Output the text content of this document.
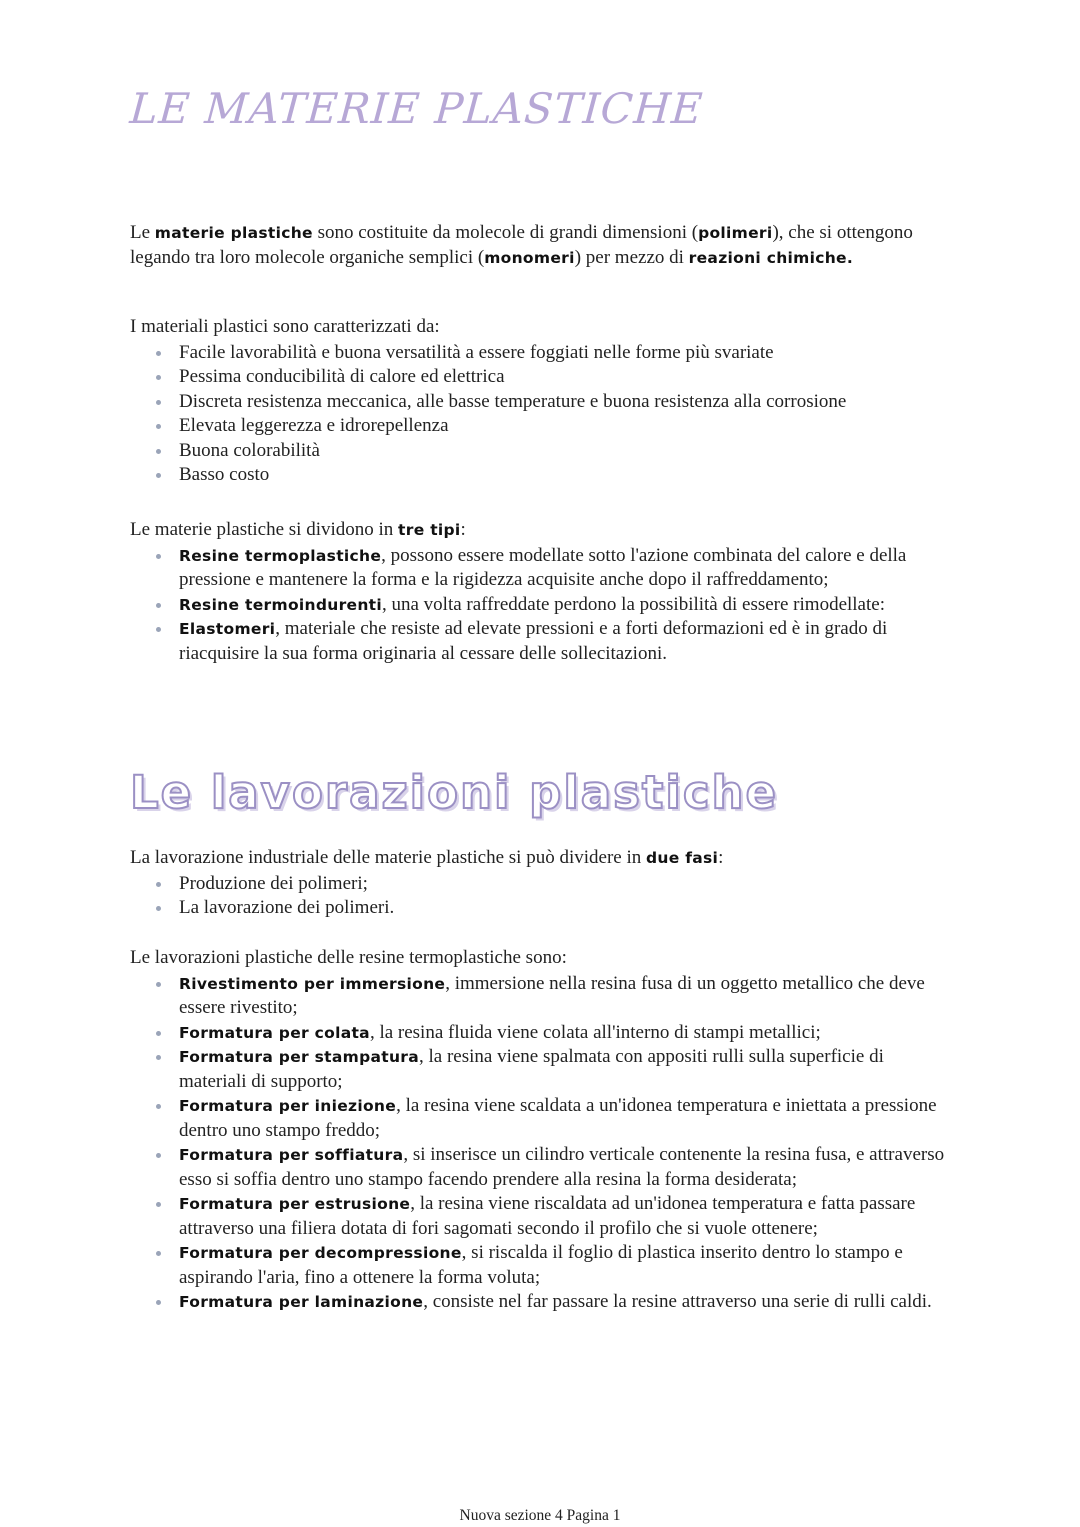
LE MATERIE PLASTICHE

Le materie plastiche sono costituite da molecole di grandi dimensioni (polimeri), che si ottengono legando tra loro molecole organiche semplici (monomeri) per mezzo di reazioni chimiche.

I materiali plastici sono caratterizzati da:

Facile lavorabilità e buona versatilità a essere foggiati nelle forme più svariate
Pessima conducibilità di calore ed elettrica
Discreta resistenza meccanica, alle basse temperature e buona resistenza alla corrosione
Elevata leggerezza e idrorepellenza
Buona colorabilità
Basso costo

Le materie plastiche si dividono in tre tipi:

Resine termoplastiche, possono essere modellate sotto l'azione combinata del calore e della pressione e mantenere la forma e la rigidezza acquisite anche dopo il raffreddamento;
Resine termoindurenti, una volta raffreddate perdono la possibilità di essere rimodellate:
Elastomeri, materiale che resiste ad elevate pressioni e a forti deformazioni ed è in grado di riacquisire la sua forma originaria al cessare delle sollecitazioni.
Le lavorazioni plastiche

La lavorazione industriale delle materie plastiche si può dividere in due fasi:

Produzione dei polimeri;
La lavorazione dei polimeri.

Le lavorazioni plastiche delle resine termoplastiche sono:

Rivestimento per immersione, immersione nella resina fusa di un oggetto metallico che deve essere rivestito;
Formatura per colata, la resina fluida viene colata all'interno di stampi metallici;
Formatura per stampatura, la resina viene spalmata con appositi rulli sulla superficie di materiali di supporto;
Formatura per iniezione, la resina viene scaldata a un'idonea temperatura e iniettata a pressione dentro uno stampo freddo;
Formatura per soffiatura, si inserisce un cilindro verticale contenente la resina fusa, e attraverso esso si soffia dentro uno stampo facendo prendere alla resina la forma desiderata;
Formatura per estrusione, la resina viene riscaldata ad un'idonea temperatura e fatta passare attraverso una filiera dotata di fori sagomati secondo il profilo che si vuole ottenere;
Formatura per decompressione, si riscalda il foglio di plastica inserito dentro lo stampo e aspirando l'aria, fino a ottenere la forma voluta;
Formatura per laminazione, consiste nel far passare la resine attraverso una serie di rulli caldi.
Nuova sezione 4 Pagina 1
